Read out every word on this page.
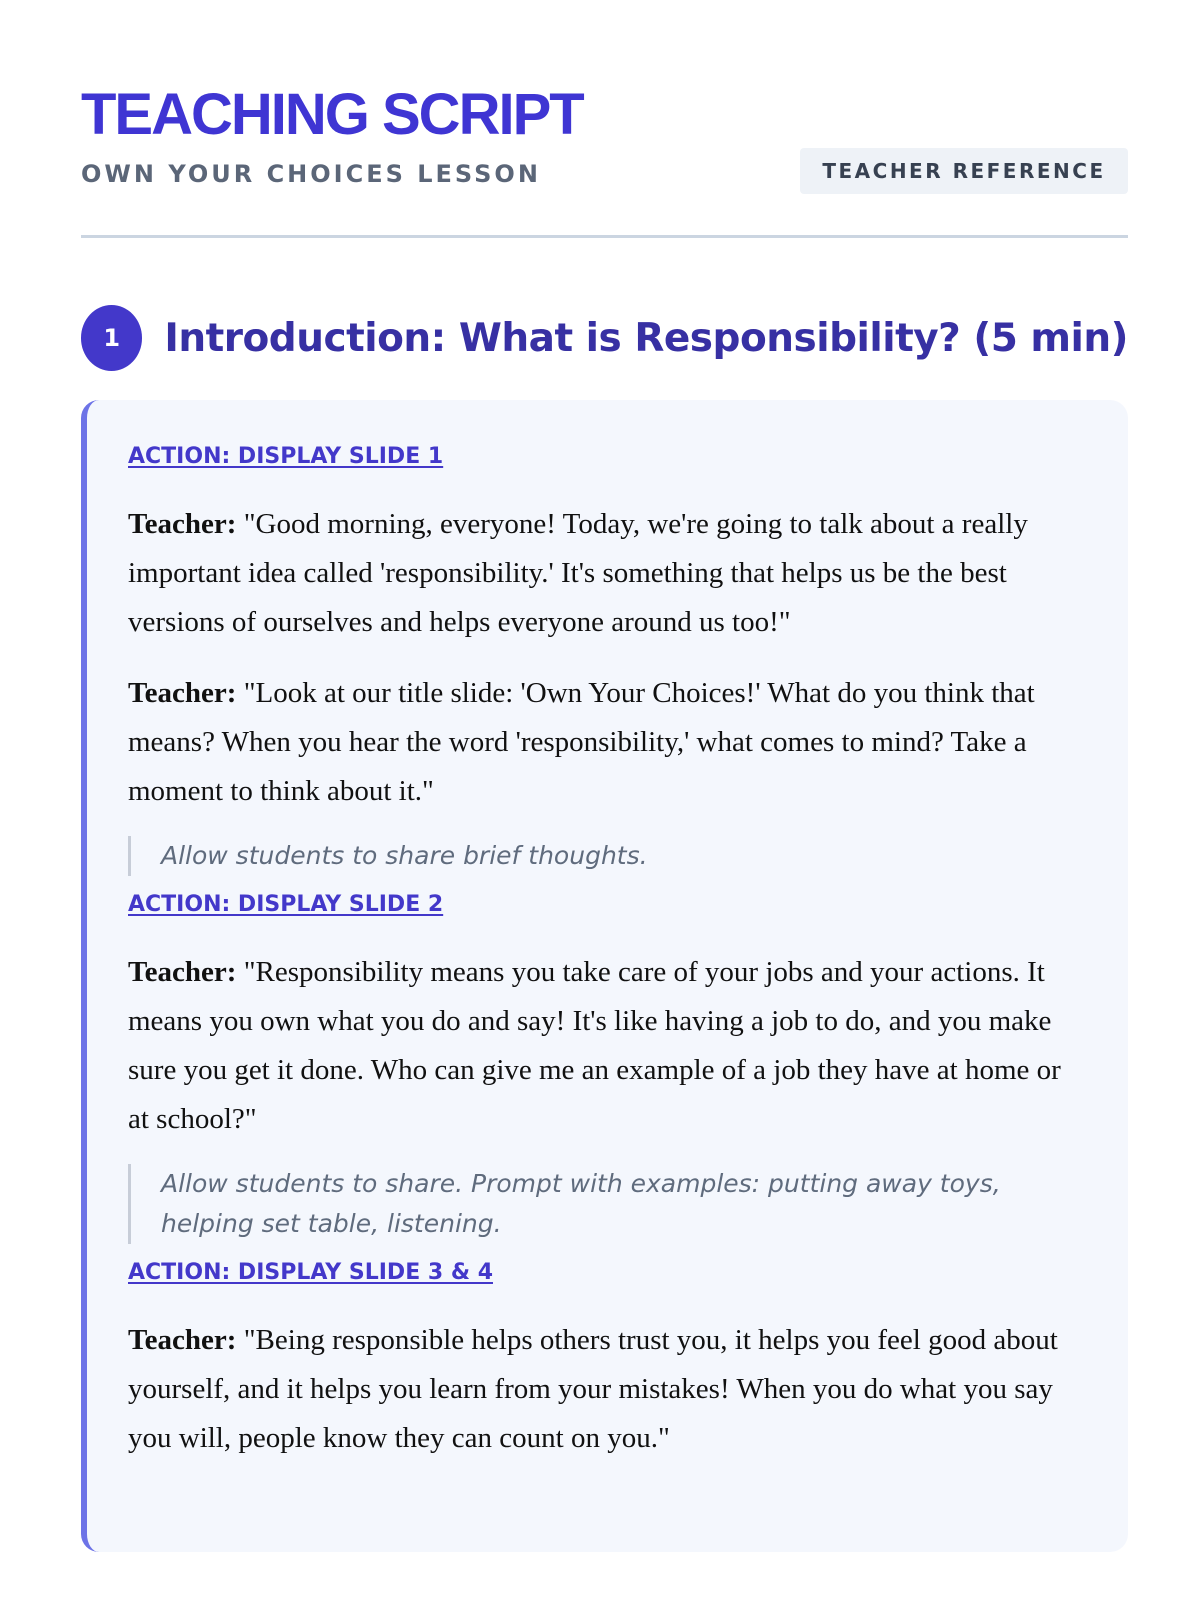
TEACHING SCRIPT
OWN YOUR CHOICES LESSON	TEACHER REFERENCE
1	Introduction: What is Responsibility? (5 min)
ACTION: DISPLAY SLIDE 1

Teacher: "Good morning, everyone! Today, we're going to talk about a really important idea called 'responsibility.' It's something that helps us be the best versions of ourselves and helps everyone around us too!"

Teacher: "Look at our title slide: 'Own Your Choices!' What do you think that means? When you hear the word 'responsibility,' what comes to mind? Take a moment to think about it."

Allow students to share brief thoughts.
ACTION: DISPLAY SLIDE 2

Teacher: "Responsibility means you take care of your jobs and your actions. It means you own what you do and say! It's like having a job to do, and you make sure you get it done. Who can give me an example of a job they have at home or at school?"

Allow students to share. Prompt with examples: putting away toys, helping set table, listening.
ACTION: DISPLAY SLIDE 3 & 4

Teacher: "Being responsible helps others trust you, it helps you feel good about yourself, and it helps you learn from your mistakes! When you do what you say you will, people know they can count on you."
